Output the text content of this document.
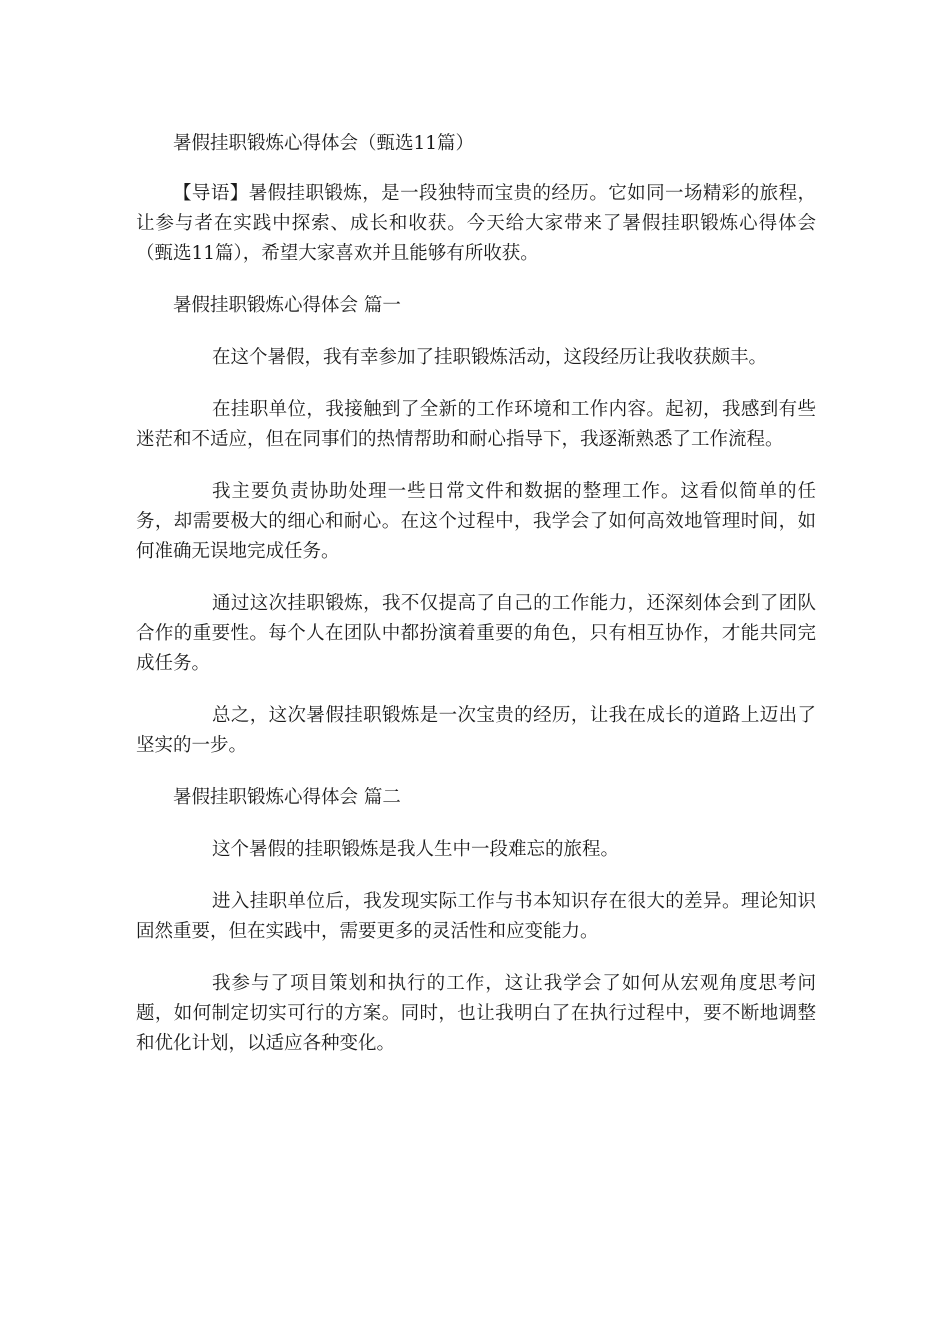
暑假挂职锻炼心得体会（甄选11篇）

【导语】暑假挂职锻炼，是一段独特而宝贵的经历。它如同一场精彩的旅程，让参与者在实践中探索、成长和收获。今天给大家带来了暑假挂职锻炼心得体会（甄选11篇），希望大家喜欢并且能够有所收获。

暑假挂职锻炼心得体会 篇一

在这个暑假，我有幸参加了挂职锻炼活动，这段经历让我收获颇丰。

在挂职单位，我接触到了全新的工作环境和工作内容。起初，我感到有些迷茫和不适应，但在同事们的热情帮助和耐心指导下，我逐渐熟悉了工作流程。

我主要负责协助处理一些日常文件和数据的整理工作。这看似简单的任务，却需要极大的细心和耐心。在这个过程中，我学会了如何高效地管理时间，如何准确无误地完成任务。

通过这次挂职锻炼，我不仅提高了自己的工作能力，还深刻体会到了团队合作的重要性。每个人在团队中都扮演着重要的角色，只有相互协作，才能共同完成任务。

总之，这次暑假挂职锻炼是一次宝贵的经历，让我在成长的道路上迈出了坚实的一步。

暑假挂职锻炼心得体会 篇二

这个暑假的挂职锻炼是我人生中一段难忘的旅程。

进入挂职单位后，我发现实际工作与书本知识存在很大的差异。理论知识固然重要，但在实践中，需要更多的灵活性和应变能力。

我参与了项目策划和执行的工作，这让我学会了如何从宏观角度思考问题，如何制定切实可行的方案。同时，也让我明白了在执行过程中，要不断地调整和优化计划，以适应各种变化。
